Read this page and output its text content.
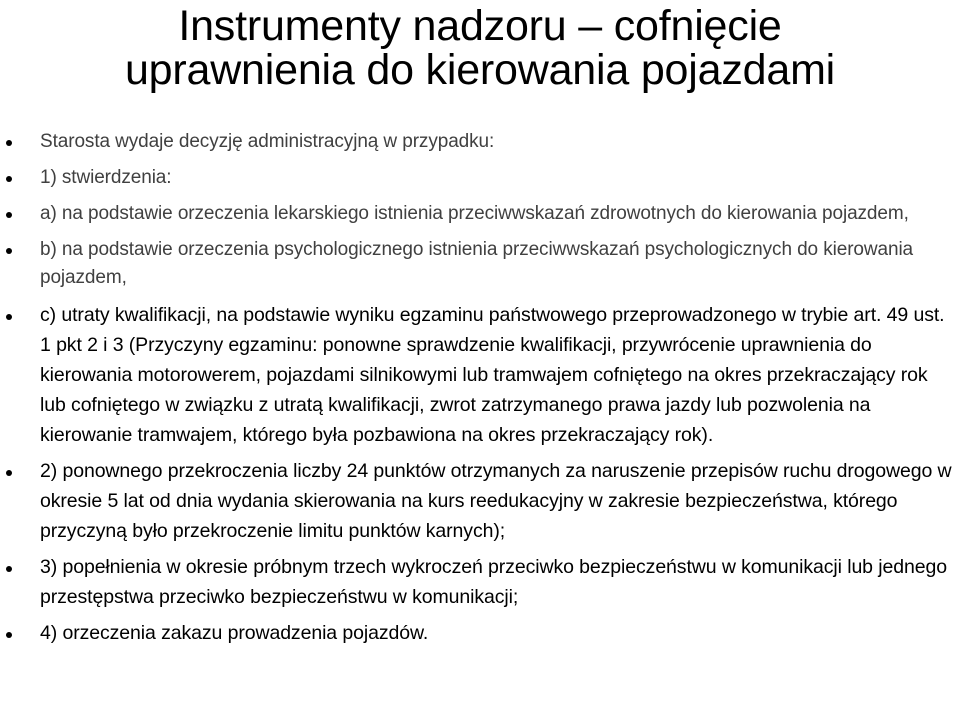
Instrumenty nadzoru – cofnięcie
uprawnienia do kierowania pojazdami
Starosta wydaje decyzję administracyjną w przypadku:
1) stwierdzenia:
a) na podstawie orzeczenia lekarskiego istnienia przeciwwskazań zdrowotnych do kierowania pojazdem,
b) na podstawie orzeczenia psychologicznego istnienia przeciwwskazań psychologicznych do kierowania pojazdem,
c) utraty kwalifikacji, na podstawie wyniku egzaminu państwowego przeprowadzonego w trybie art. 49 ust. 1 pkt 2 i 3 (Przyczyny egzaminu: ponowne sprawdzenie kwalifikacji, przywrócenie uprawnienia do kierowania motorowerem, pojazdami silnikowymi lub tramwajem cofniętego na okres przekraczający rok lub cofniętego w związku z utratą kwalifikacji, zwrot zatrzymanego prawa jazdy lub pozwolenia na kierowanie tramwajem, którego była pozbawiona na okres przekraczający rok).
2) ponownego przekroczenia liczby 24 punktów otrzymanych za naruszenie przepisów ruchu drogowego w okresie 5 lat od dnia wydania skierowania na kurs reedukacyjny w zakresie bezpieczeństwa, którego przyczyną było przekroczenie limitu punktów karnych);
3) popełnienia w okresie próbnym trzech wykroczeń przeciwko bezpieczeństwu w komunikacji lub jednego przestępstwa przeciwko bezpieczeństwu w komunikacji;
4) orzeczenia zakazu prowadzenia pojazdów.
